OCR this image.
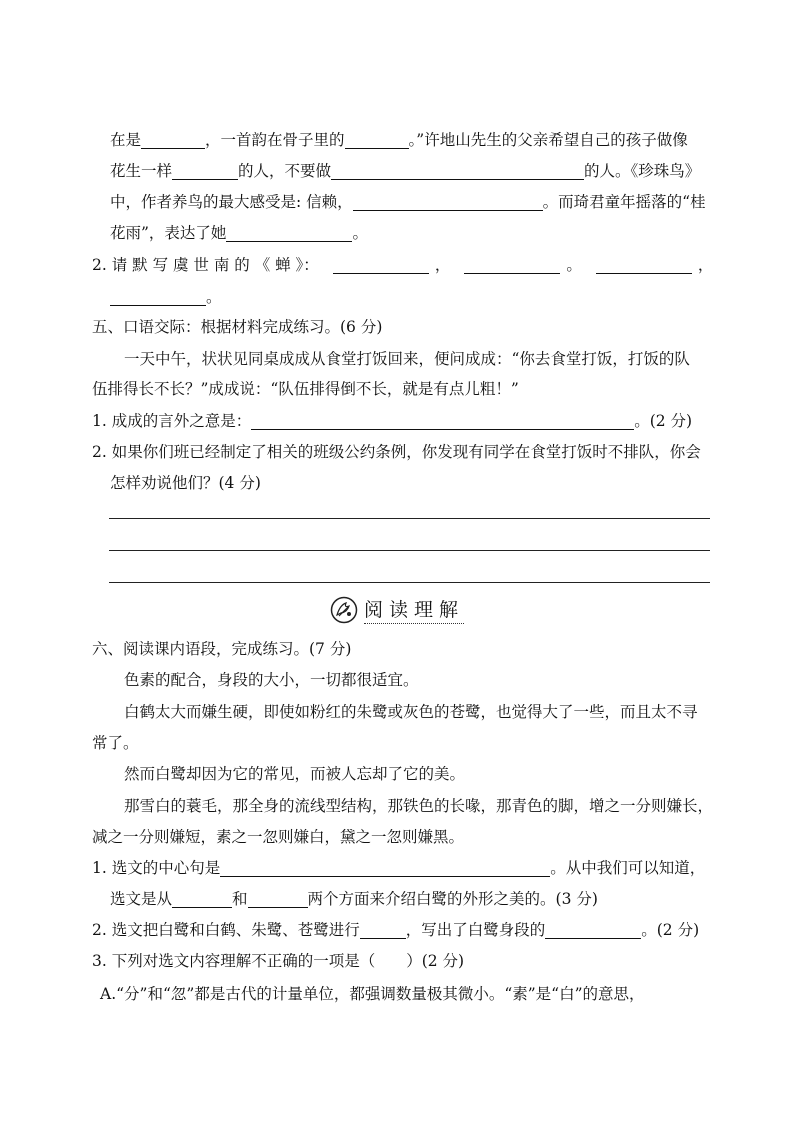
在是	，一首韵在骨子里的	。”许地山先生的父亲希望自己的孩子做像
花生一样	的人，不要做	的人。《珍珠鸟》
中，作者养鸟的最大感受是: 信赖，	。而琦君童年摇落的“桂
花雨”，表达了她	。
2. 请 默 写 虞 世 南 的 《 蝉 》：	，	。	，
。
五、口语交际：根据材料完成练习。(6 分)
一天中午，状状见同桌成成从食堂打饭回来，便问成成：“你去食堂打饭，打饭的队
伍排得长不长？”成成说：“队伍排得倒不长，就是有点儿粗！”
1. 成成的言外之意是：	。(2 分)
2. 如果你们班已经制定了相关的班级公约条例，你发现有同学在食堂打饭时不排队，你会
怎样劝说他们？(4 分)
阅读理解
六、阅读课内语段，完成练习。(7 分)
色素的配合，身段的大小，一切都很适宜。
白鹤太大而嫌生硬，即使如粉红的朱鹭或灰色的苍鹭，也觉得大了一些，而且太不寻
常了。
然而白鹭却因为它的常见，而被人忘却了它的美。
那雪白的蓑毛，那全身的流线型结构，那铁色的长喙，那青色的脚，增之一分则嫌长，
减之一分则嫌短，素之一忽则嫌白，黛之一忽则嫌黑。
1. 选文的中心句是	。从中我们可以知道，
选文是从	和	两个方面来介绍白鹭的外形之美的。(3 分)
2. 选文把白鹭和白鹤、朱鹭、苍鹭进行	，写出了白鹭身段的	。(2 分)
3. 下列对选文内容理解不正确的一项是（　　）(2 分)
A.“分”和“忽”都是古代的计量单位，都强调数量极其微小。“素”是“白”的意思，
